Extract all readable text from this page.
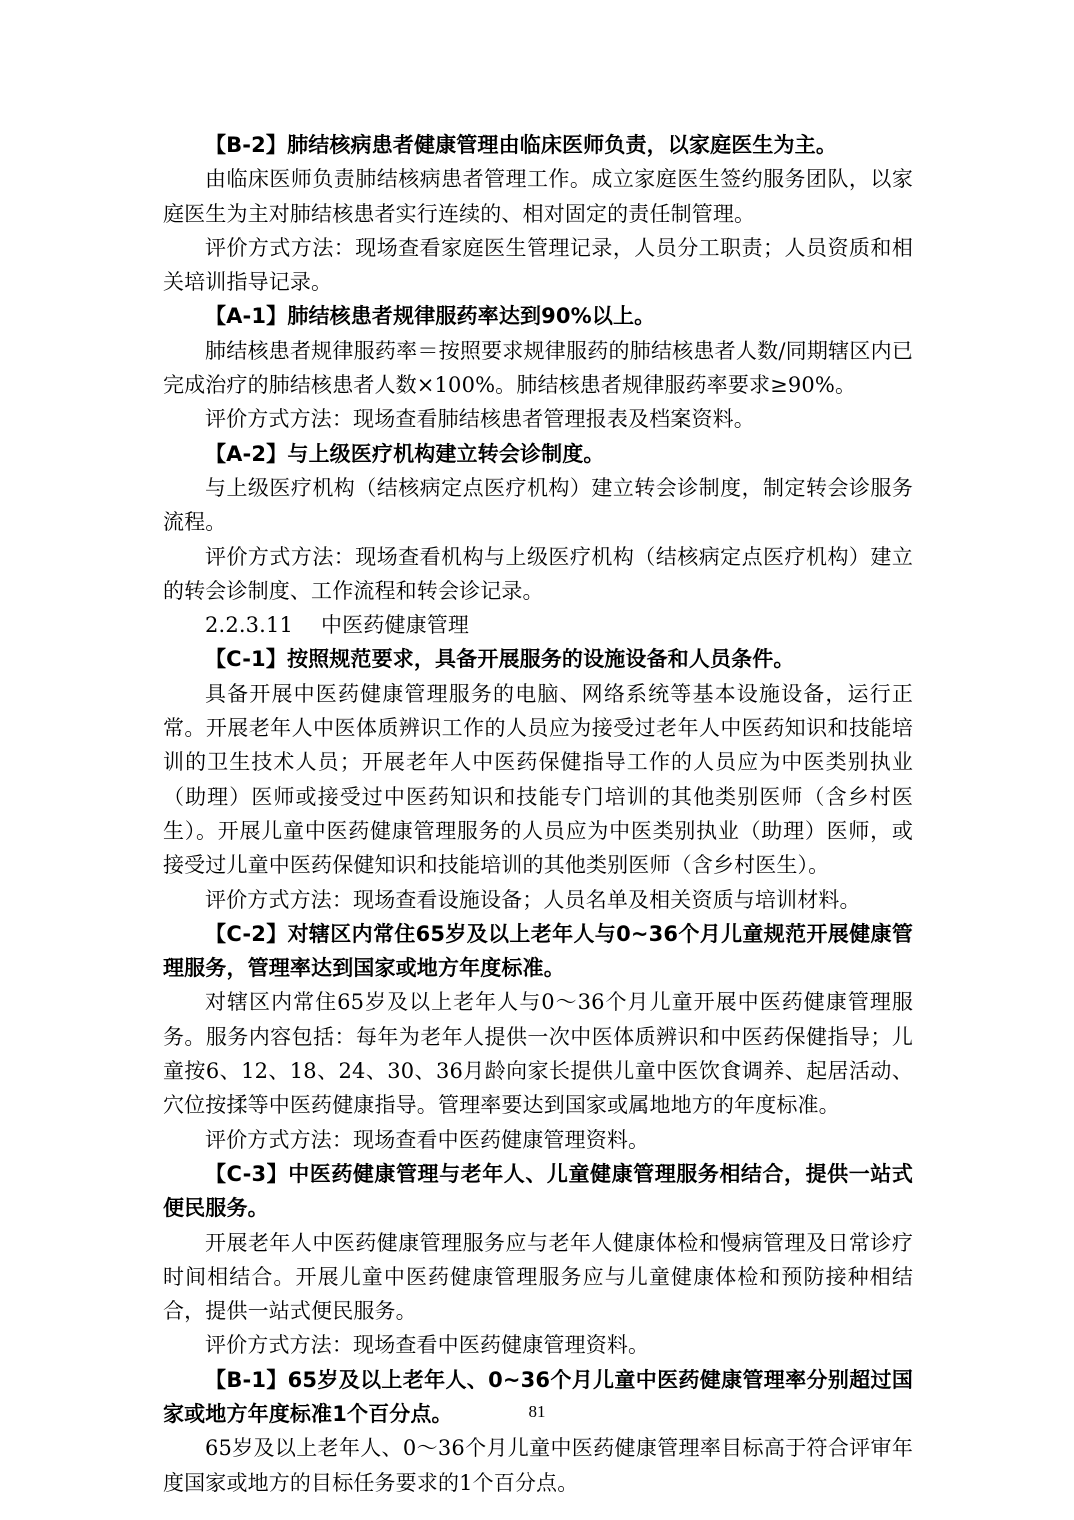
【B-2】肺结核病患者健康管理由临床医师负责，以家庭医生为主。

由临床医师负责肺结核病患者管理工作。成立家庭医生签约服务团队，以家庭医生为主对肺结核患者实行连续的、相对固定的责任制管理。

评价方式方法：现场查看家庭医生管理记录，人员分工职责；人员资质和相关培训指导记录。

【A-1】肺结核患者规律服药率达到90%以上。

肺结核患者规律服药率＝按照要求规律服药的肺结核患者人数/同期辖区内已完成治疗的肺结核患者人数×100%。肺结核患者规律服药率要求≥90%。

评价方式方法：现场查看肺结核患者管理报表及档案资料。

【A-2】与上级医疗机构建立转会诊制度。

与上级医疗机构（结核病定点医疗机构）建立转会诊制度，制定转会诊服务流程。

评价方式方法：现场查看机构与上级医疗机构（结核病定点医疗机构）建立的转会诊制度、工作流程和转会诊记录。

2.2.3.11 中医药健康管理

【C-1】按照规范要求，具备开展服务的设施设备和人员条件。

具备开展中医药健康管理服务的电脑、网络系统等基本设施设备，运行正常。开展老年人中医体质辨识工作的人员应为接受过老年人中医药知识和技能培训的卫生技术人员；开展老年人中医药保健指导工作的人员应为中医类别执业（助理）医师或接受过中医药知识和技能专门培训的其他类别医师（含乡村医生）。开展儿童中医药健康管理服务的人员应为中医类别执业（助理）医师，或接受过儿童中医药保健知识和技能培训的其他类别医师（含乡村医生）。

评价方式方法：现场查看设施设备；人员名单及相关资质与培训材料。

【C-2】对辖区内常住65岁及以上老年人与0~36个月儿童规范开展健康管理服务，管理率达到国家或地方年度标准。

对辖区内常住65岁及以上老年人与0～36个月儿童开展中医药健康管理服务。服务内容包括：每年为老年人提供一次中医体质辨识和中医药保健指导；儿童按6、12、18、24、30、36月龄向家长提供儿童中医饮食调养、起居活动、穴位按揉等中医药健康指导。管理率要达到国家或属地地方的年度标准。

评价方式方法：现场查看中医药健康管理资料。

【C-3】中医药健康管理与老年人、儿童健康管理服务相结合，提供一站式便民服务。

开展老年人中医药健康管理服务应与老年人健康体检和慢病管理及日常诊疗时间相结合。开展儿童中医药健康管理服务应与儿童健康体检和预防接种相结合，提供一站式便民服务。

评价方式方法：现场查看中医药健康管理资料。

【B-1】65岁及以上老年人、0~36个月儿童中医药健康管理率分别超过国家或地方年度标准1个百分点。

65岁及以上老年人、0～36个月儿童中医药健康管理率目标高于符合评审年度国家或地方的目标任务要求的1个百分点。

81
